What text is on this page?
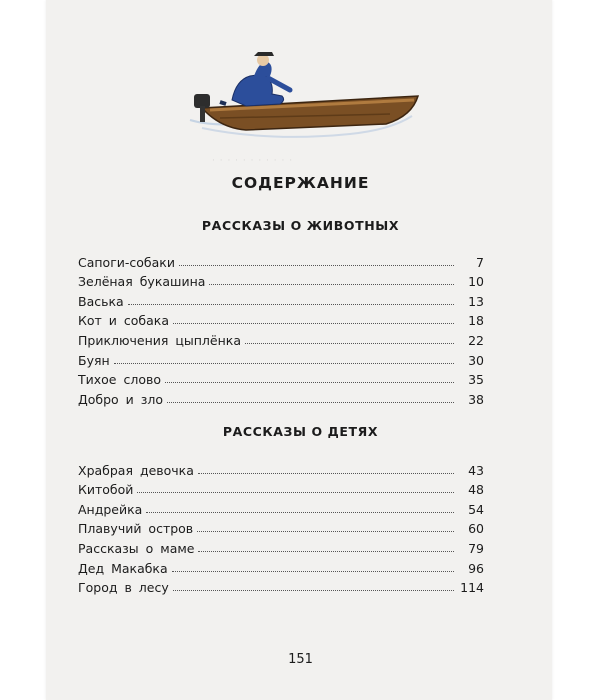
· · · · · · · · · · ·
СОДЕРЖАНИЕ
РАССКАЗЫ О ЖИВОТНЫХ
Сапоги-собаки	7
Зелёная букашина	10
Васька	13
Кот и собака	18
Приключения цыплёнка	22
Буян	30
Тихое слово	35
Добро и зло	38
РАССКАЗЫ О ДЕТЯХ
Храбрая девочка	43
Китобой	48
Андрейка	54
Плавучий остров	60
Рассказы о маме	79
Дед Макабка	96
Город в лесу	114
151
